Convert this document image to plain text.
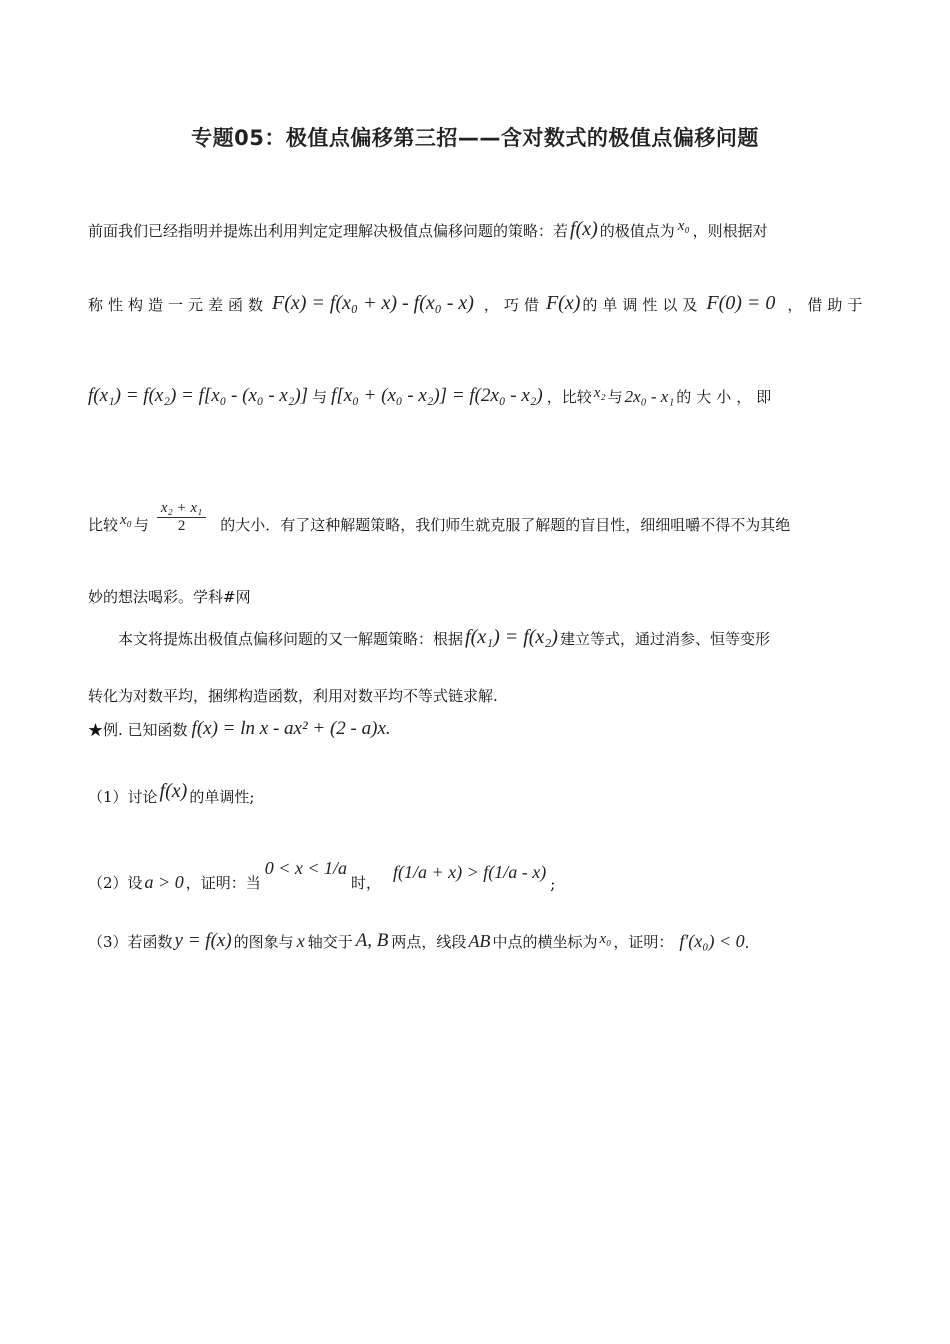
专题05：极值点偏移第三招——含对数式的极值点偏移问题
前面我们已经指明并提炼出利用判定定理解决极值点偏移问题的策略：若 f(x) 的极值点为 x₀ ，则根据对
称性构造一元差函数 F(x) = f(x₀ + x) - f(x₀ - x) ，巧借 F(x) 的单调性以及 F(0) = 0 ，借助于
f(x₁) = f(x₂) = f[x₀ - (x₀ - x₂)] 与 f[x₀ + (x₀ - x₂)] = f(2x₀ - x₂) ，比较 x₂ 与 2x₀ - x₁ 的大小，即
比较 x₀ 与 $\frac{\text{x₂ + x₁}}{2}$ 的大小．有了这种解题策略，我们师生就克服了解题的盲目性，细细咀嚼不得不为其绝
妙的想法喝彩。学科#网
本文将提炼出极值点偏移问题的又一解题策略：根据 f(x₁) = f(x₂) 建立等式，通过消参、恒等变形
转化为对数平均，捆绑构造函数，利用对数平均不等式链求解.
★例. 已知函数 f(x) = ln x - ax² + (2 - a)x.
（1）讨论 f(x) 的单调性;
（2）设 a > 0 ，证明：当
0 < x < 1/a
时，
f(1/a + x) > f(1/a - x)
;
（3）若函数 y = f(x) 的图象与 x 轴交于 A, B 两点，线段 AB 中点的横坐标为 x₀ ，证明： f′(x₀) < 0 .
